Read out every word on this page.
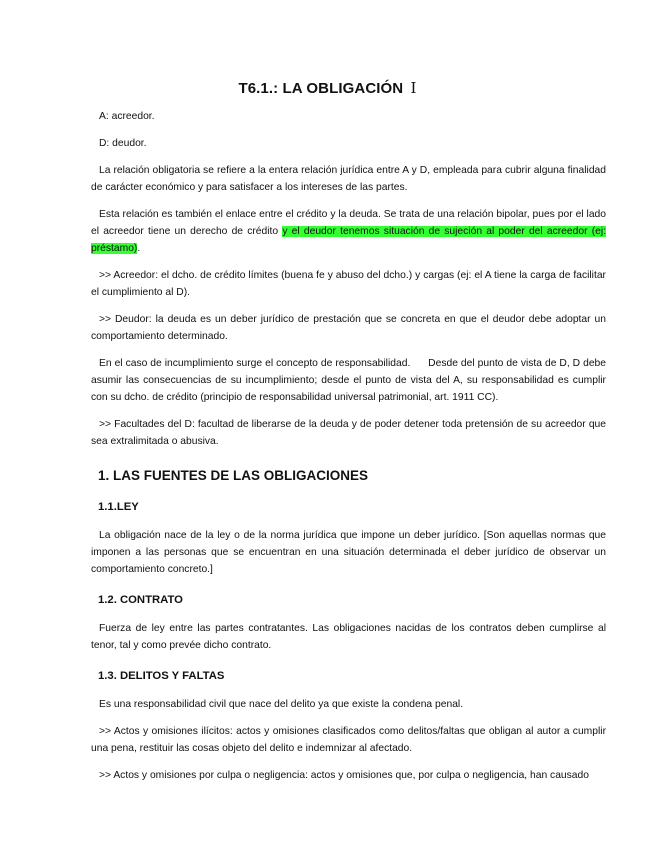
T6.1.: LA OBLIGACIÓN I

A: acreedor.

D: deudor.

La relación obligatoria se refiere a la entera relación jurídica entre A y D, empleada para cubrir alguna finalidad de carácter económico y para satisfacer a los intereses de las partes.

Esta relación es también el enlace entre el crédito y la deuda. Se trata de una relación bipolar, pues por el lado el acreedor tiene un derecho de crédito y el deudor tenemos situación de sujeción al poder del acreedor (ej: préstamo).

>> Acreedor: el dcho. de crédito límites (buena fe y abuso del dcho.) y cargas (ej: el A tiene la carga de facilitar el cumplimiento al D).

>> Deudor: la deuda es un deber jurídico de prestación que se concreta en que el deudor debe adoptar un comportamiento determinado.

En el caso de incumplimiento surge el concepto de responsabilidad.      Desde del punto de vista de D, D debe asumir las consecuencias de su incumplimiento; desde el punto de vista del A, su responsabilidad es cumplir con su dcho. de crédito (principio de responsabilidad universal patrimonial, art. 1911 CC).

>> Facultades del D: facultad de liberarse de la deuda y de poder detener toda pretensión de su acreedor que sea extralimitada o abusiva.

1. LAS FUENTES DE LAS OBLIGACIONES
1.1.LEY

La obligación nace de la ley o de la norma jurídica que impone un deber jurídico. [Son aquellas normas que imponen a las personas que se encuentran en una situación determinada el deber jurídico de observar un comportamiento concreto.]

1.2. CONTRATO

Fuerza de ley entre las partes contratantes. Las obligaciones nacidas de los contratos deben cumplirse al tenor, tal y como prevée dicho contrato.

1.3. DELITOS Y FALTAS

Es una responsabilidad civil que nace del delito ya que existe la condena penal.

>> Actos y omisiones ilícitos: actos y omisiones clasificados como delitos/faltas que obligan al autor a cumplir una pena, restituir las cosas objeto del delito e indemnizar al afectado.

>> Actos y omisiones por culpa o negligencia: actos y omisiones que, por culpa o negligencia, han causado
